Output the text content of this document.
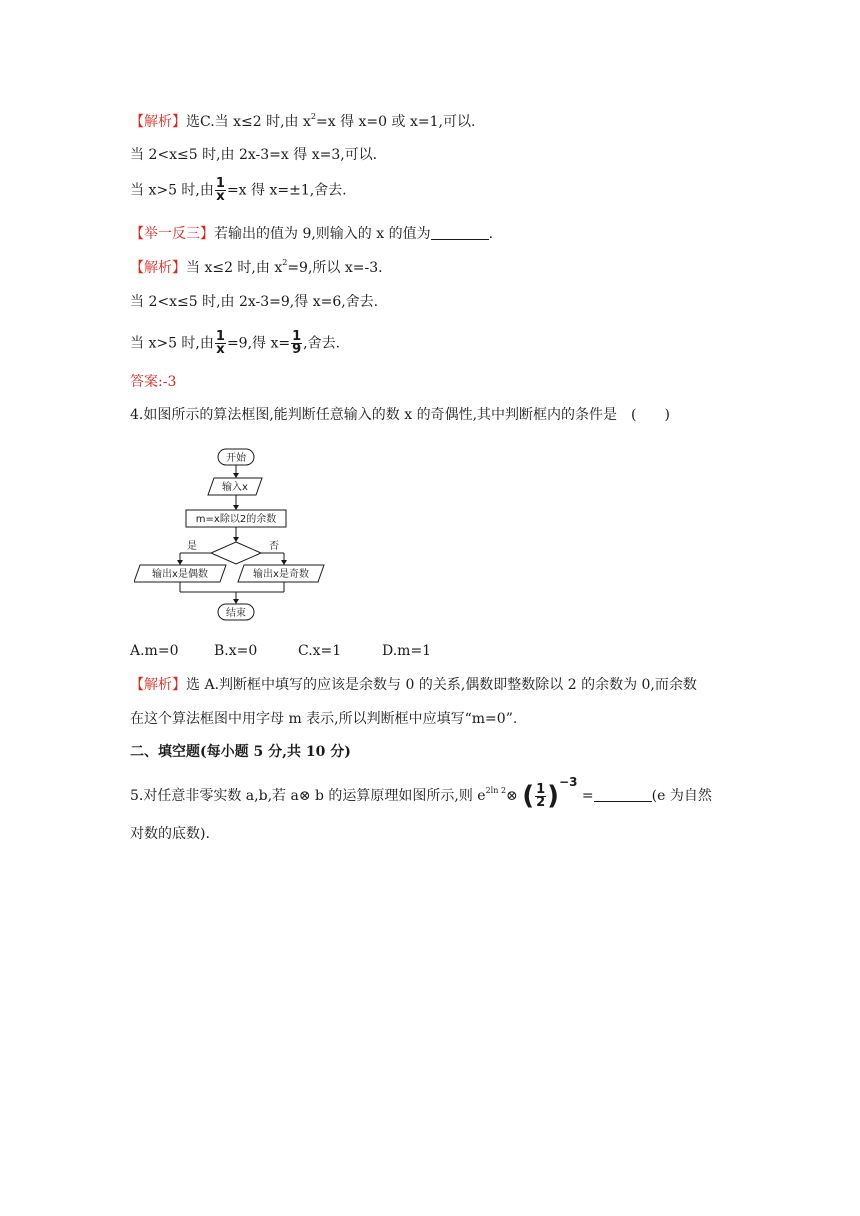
【解析】选C.当 x≤2 时,由 $x^2=x$ 得 x=0 或 x=1,可以.
当 2<x≤5 时,由 2x-3=x 得 x=3,可以.
当 x>5 时,由 $\frac{1}{x} =x$ 得 x=±1,舍去.
【举一反三】若输出的值为 9,则输入的 x 的值为	.
【解析】当 x≤2 时,由 $x^2=9$,所以 x=-3.
当 2<x≤5 时,由 2x-3=9,得 x=6,舍去.
当 x>5 时,由 $\frac{1}{x} =9$,得 $x= \frac{1}{9}$ ,舍去.
答案:-3
4.如图所示的算法框图,能判断任意输入的数 x 的奇偶性,其中判断框内的条件是　(　　)
开始
输入x
m=x除以2的余数
是	否
输出x是偶数	输出x是奇数
结束
A.m=0	B.x=0	C.x=1	D.m=1
【解析】选 A.判断框中填写的应该是余数与 0 的关系,偶数即整数除以 2 的余数为 0,而余数
在这个算法框图中用字母 m 表示,所以判断框中应填写“m=0”.
二、填空题(每小题 5 分,共 10 分)
5.对任意非零实数 a,b,若 a⊗ b 的运算原理如图所示,则 $e^{2ln 2}\otimes$ ( $\frac{1}{2} )^{-3}$ =	(e 为自然
对数的底数).
